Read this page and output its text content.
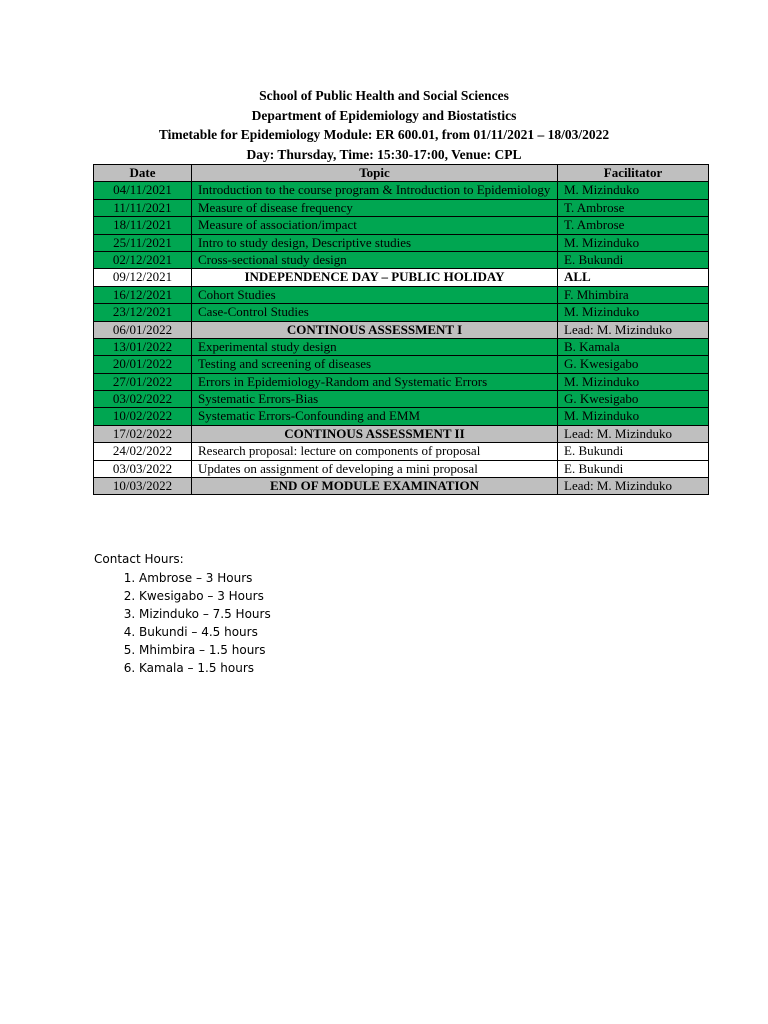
School of Public Health and Social Sciences
Department of Epidemiology and Biostatistics
Timetable for Epidemiology Module: ER 600.01, from 01/11/2021 – 18/03/2022
Day: Thursday, Time: 15:30-17:00, Venue: CPL
Date	Topic	Facilitator
04/11/2021	Introduction to the course program & Introduction to Epidemiology	M. Mizinduko
11/11/2021	Measure of disease frequency	T. Ambrose
18/11/2021	Measure of association/impact	T. Ambrose
25/11/2021	Intro to study design, Descriptive studies	M. Mizinduko
02/12/2021	Cross-sectional study design	E. Bukundi
09/12/2021	INDEPENDENCE DAY – PUBLIC HOLIDAY	ALL
16/12/2021	Cohort Studies	F. Mhimbira
23/12/2021	Case-Control Studies	M. Mizinduko
06/01/2022	CONTINOUS ASSESSMENT I	Lead: M. Mizinduko
13/01/2022	Experimental study design	B. Kamala
20/01/2022	Testing and screening of diseases	G. Kwesigabo
27/01/2022	Errors in Epidemiology-Random and Systematic Errors	M. Mizinduko
03/02/2022	Systematic Errors-Bias	G. Kwesigabo
10/02/2022	Systematic Errors-Confounding and EMM	M. Mizinduko
17/02/2022	CONTINOUS ASSESSMENT II	Lead: M. Mizinduko
24/02/2022	Research proposal: lecture on components of proposal	E. Bukundi
03/03/2022	Updates on assignment of developing a mini proposal	E. Bukundi
10/03/2022	END OF MODULE EXAMINATION	Lead: M. Mizinduko
Contact Hours:
1. Ambrose – 3 Hours
2. Kwesigabo – 3 Hours
3. Mizinduko – 7.5 Hours
4. Bukundi – 4.5 hours
5. Mhimbira – 1.5 hours
6. Kamala – 1.5 hours
